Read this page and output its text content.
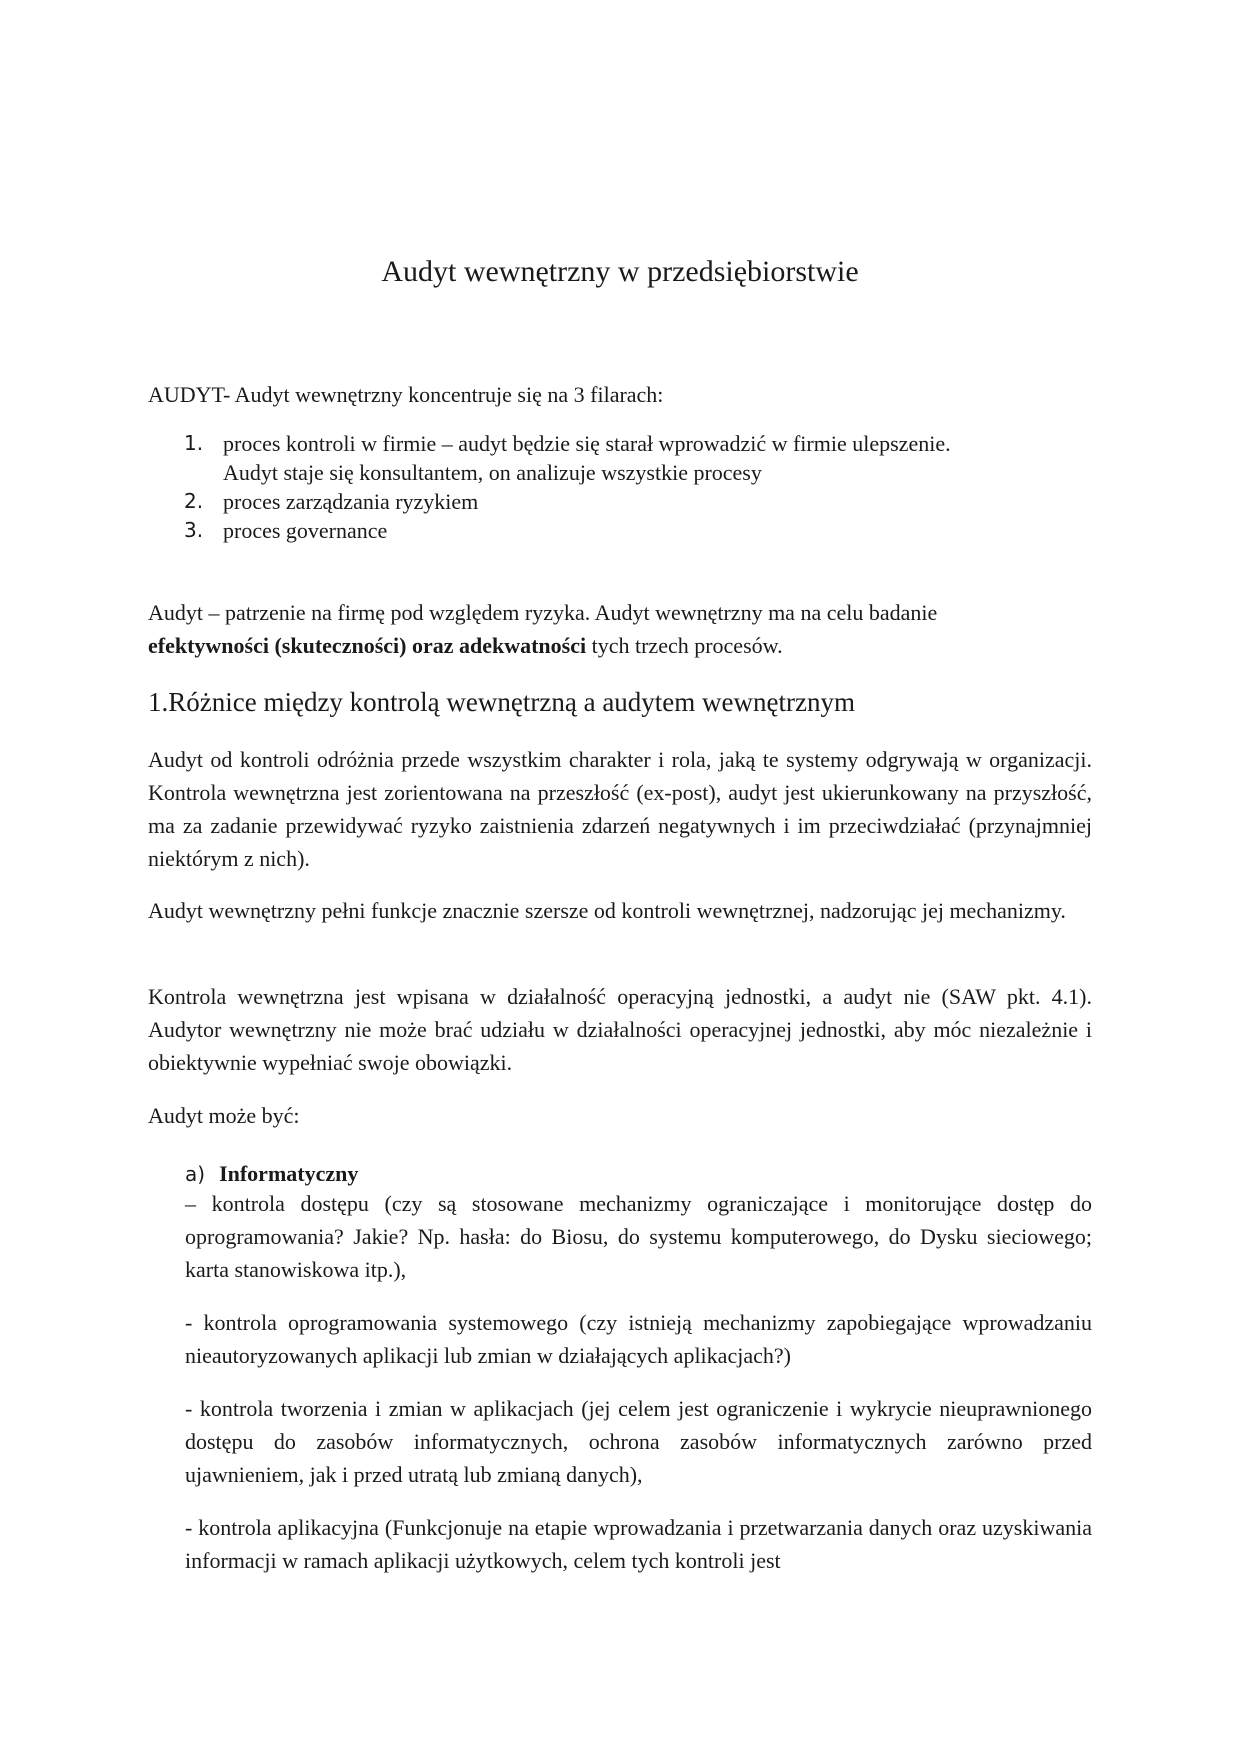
Audyt wewnętrzny w przedsiębiorstwie

AUDYT- Audyt wewnętrzny koncentruje się na 3 filarach:

1. proces kontroli w firmie – audyt będzie się starał wprowadzić w firmie ulepszenie.
Audyt staje się konsultantem, on analizuje wszystkie procesy
2. proces zarządzania ryzykiem
3. proces governance

Audyt – patrzenie na firmę pod względem ryzyka. Audyt wewnętrzny ma na celu badanie
efektywności (skuteczności) oraz adekwatności tych trzech procesów.

1.Różnice między kontrolą wewnętrzną a audytem wewnętrznym

Audyt od kontroli odróżnia przede wszystkim charakter i rola, jaką te systemy odgrywają w organizacji. Kontrola wewnętrzna jest zorientowana na przeszłość (ex-post), audyt jest ukierunkowany na przyszłość, ma za zadanie przewidywać ryzyko zaistnienia zdarzeń negatywnych i im przeciwdziałać (przynajmniej niektórym z nich).

Audyt wewnętrzny pełni funkcje znacznie szersze od kontroli wewnętrznej, nadzorując jej mechanizmy.

Kontrola wewnętrzna jest wpisana w działalność operacyjną jednostki, a audyt nie (SAW pkt. 4.1). Audytor wewnętrzny nie może brać udziału w działalności operacyjnej jednostki, aby móc niezależnie i obiektywnie wypełniać swoje obowiązki.

Audyt może być:

a) Informatyczny

– kontrola dostępu (czy są stosowane mechanizmy ograniczające i monitorujące dostęp do oprogramowania? Jakie? Np. hasła: do Biosu, do systemu komputerowego, do Dysku sieciowego; karta stanowiskowa itp.),

- kontrola oprogramowania systemowego (czy istnieją mechanizmy zapobiegające wprowadzaniu nieautoryzowanych aplikacji lub zmian w działających aplikacjach?)

- kontrola tworzenia i zmian w aplikacjach (jej celem jest ograniczenie i wykrycie nieuprawnionego dostępu do zasobów informatycznych, ochrona zasobów informatycznych zarówno przed ujawnieniem, jak i przed utratą lub zmianą danych),

- kontrola aplikacyjna (Funkcjonuje na etapie wprowadzania i przetwarzania danych oraz uzyskiwania informacji w ramach aplikacji użytkowych, celem tych kontroli jest
